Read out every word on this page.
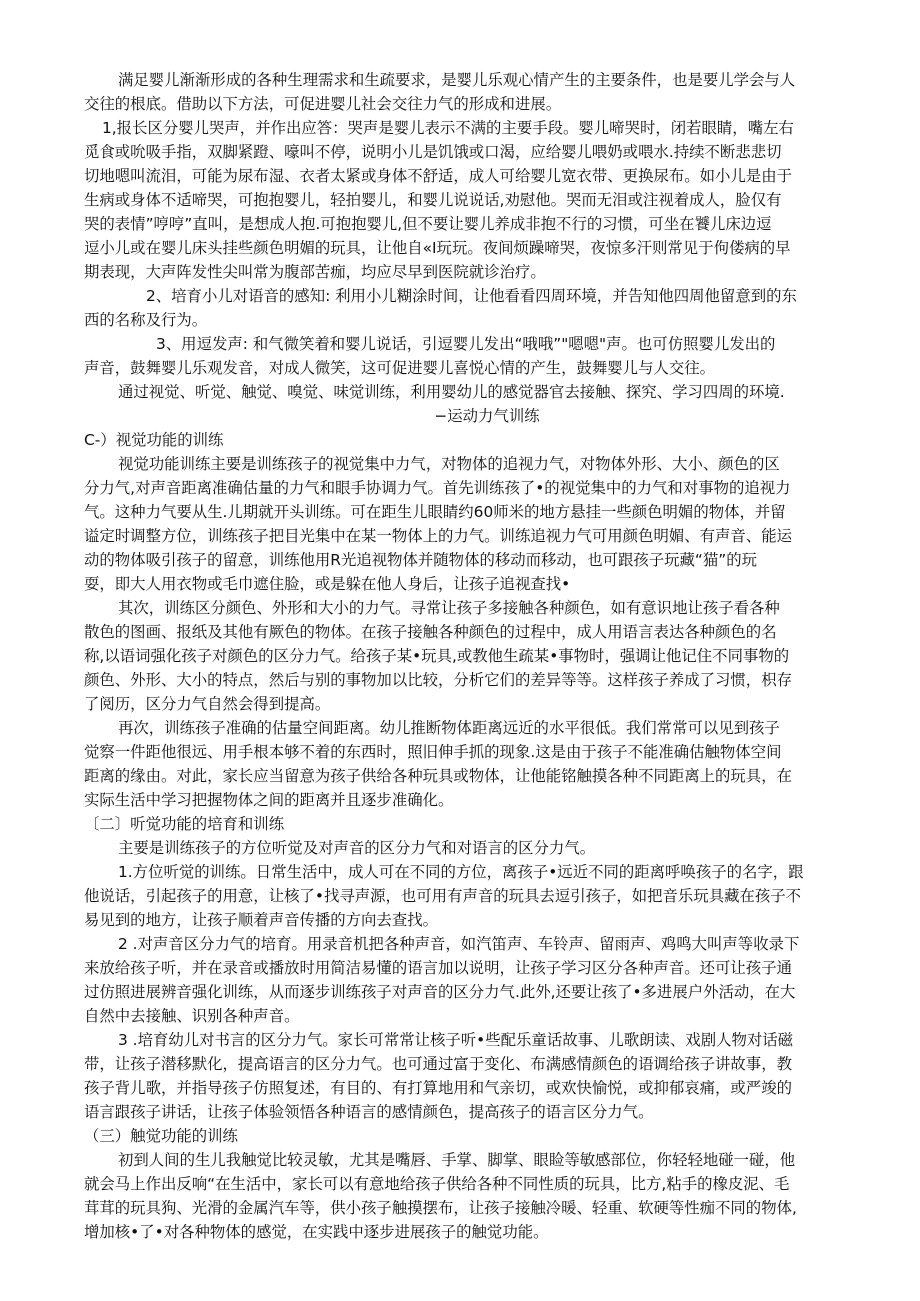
满足婴儿渐渐形成的各种生理需求和生疏要求，是婴儿乐观心情产生的主要条件，也是要儿学会与人
交往的根底。借助以下方法，可促进婴儿社会交往力气的形成和进展。
1,报长区分婴儿哭声，并作出应答：哭声是婴儿表示不满的主要手段。婴儿啼哭时，闭若眼睛，嘴左右
觅食或吮吸手指，双脚紧蹬、嚎叫不停，说明小儿是饥饿或口渴，应给婴儿喂奶或喂水.持续不断悲悲切
切地嗯叫流泪，可能为尿布湿、衣者太紧或身体不舒适，成人可给婴儿宽衣带、更换尿布。如小儿是由于
生病或身体不适啼哭，可抱抱婴儿，轻拍婴儿，和婴儿说说话,劝慰他。哭而无泪或注视着成人，脸仅有
哭的表情”哼哼”直叫，是想成人抱.可抱抱婴儿,但不要让婴儿养成非抱不行的习惯，可坐在饕儿床边逗
逗小儿或在婴儿床头挂些颜色明媚的玩具，让他自«I玩玩。夜间烦躁啼哭，夜惊多汗则常见于佝偻病的早
期表现，大声阵发性尖叫常为腹部苦痂，均应尽早到医院就诊治疗。
2、培育小儿对语音的感知: 利用小儿糊涂时间，让他看看四周环境，并告知他四周他留意到的东
西的名称及行为。
3、用逗发声: 和气微笑着和婴儿说话，引逗婴儿发出“哦哦”"嗯嗯"声。也可仿照婴儿发出的
声音，鼓舞婴儿乐观发音，对成人微笑，这可促进婴儿喜悦心情的产生，鼓舞婴儿与人交往。
通过视觉、听觉、触觉、嗅觉、味觉训练，利用婴幼儿的感觉器官去接触、探究、学习四周的环境.
−运动力气训练
C-）视觉功能的训练
视觉功能训练主要是训练孩子的视觉集中力气，对物体的追视力气，对物体外形、大小、颜色的区
分力气,对声音距离准确估量的力气和眼手协调力气。首先训练孩了•的视觉集中的力气和对事物的追视力
气。这种力气要从生.儿期就开头训练。可在距生儿眼睛约60师米的地方悬挂一些颜色明媚的物体，并留
谥定时调整方位，训练孩子把目光集中在某一物体上的力气。训练追视力气可用颜色明媚、有声音、能运
动的物体吸引孩子的留意，训练他用R光追视物体并随物体的移动而移动，也可跟孩子玩藏“猫”的玩
耍，即大人用衣物或毛巾遮住脸，或是躲在他人身后，让孩子追视查找•
其次，训练区分颜色、外形和大小的力气。寻常让孩子多接触各种颜色，如有意识地让孩子看各种
散色的图画、报纸及其他有厥色的物体。在孩子接触各种颜色的过程中，成人用语言表达各种颜色的名
称,以语词强化孩子对颜色的区分力气。给孩子某•玩具,或教他生疏某•事物时，强调让他记住不同事物的
颜色、外形、大小的特点，然后与别的事物加以比较，分析它们的差异等等。这样孩子养成了习惯，枳存
了阅历，区分力气自然会得到提高。
再次，训练孩子准确的估量空间距离。幼儿推断物体距离远近的水平很低。我们常常可以见到孩子
觉察一件距他很远、用手根本够不着的东西时，照旧伸手抓的现象.这是由于孩子不能准确估触物体空间
距离的缘由。对此，家长应当留意为孩子供给各种玩具或物体，让他能铭触摸各种不同距离上的玩具，在
实际生活中学习把握物体之间的距离并且逐步准确化。
〔二〕听觉功能的培育和训练
主要是训练孩子的方位听觉及对声音的区分力气和对语言的区分力气。
1.方位听觉的训练。日常生活中，成人可在不同的方位，离孩子•远近不同的距离呼唤孩子的名字，跟
他说话，引起孩子的用意，让核了•找寻声源，也可用有声音的玩具去逗引孩子，如把音乐玩具藏在孩子不
易见到的地方，让孩子顺着声音传播的方向去查找。
2 .对声音区分力气的培育。用录音机把各种声音，如汽笛声、车铃声、留雨声、鸡鸣大叫声等收录下
来放给孩子听，并在录音或播放时用简洁易懂的语言加以说明，让孩子学习区分各种声音。还可让孩子通
过仿照进展辨音强化训练，从而逐步训练孩子对声音的区分力气.此外,还要让孩了•多进展户外活动，在大
自然中去接触、识别各种声音。
3 .培育幼儿对书言的区分力气。家长可常常让核子听•些配乐童话故事、儿歌朗读、戏剧人物对话磁
带，让孩子潜移默化，提高语言的区分力气。也可通过富于变化、布满感情颜色的语调给孩子讲故事，教
孩子背儿歌，并指导孩子仿照复述，有目的、有打算地用和气亲切，或欢快愉悦，或抑郁哀痛，或严竣的
语言跟孩子讲话，让孩子体验领悟各种语言的感情颜色，提高孩子的语言区分力气。
（三）触觉功能的训练
初到人间的生儿我触觉比较灵敏，尤其是嘴唇、手掌、脚掌、眼睑等敏感部位，你轻轻地碰一碰，他
就会马上作出反响“在生活中，家长可以有意地给孩子供给各种不同性质的玩具，比方,粘手的橡皮泥、毛
茸茸的玩具狗、光滑的金属汽车等，供小孩子触摸摆布，让孩子接触冷暖、轻重、软硬等性痂不同的物体,
增加核•了•对各种物体的感觉，在实践中逐步进展孩子的触觉功能。
